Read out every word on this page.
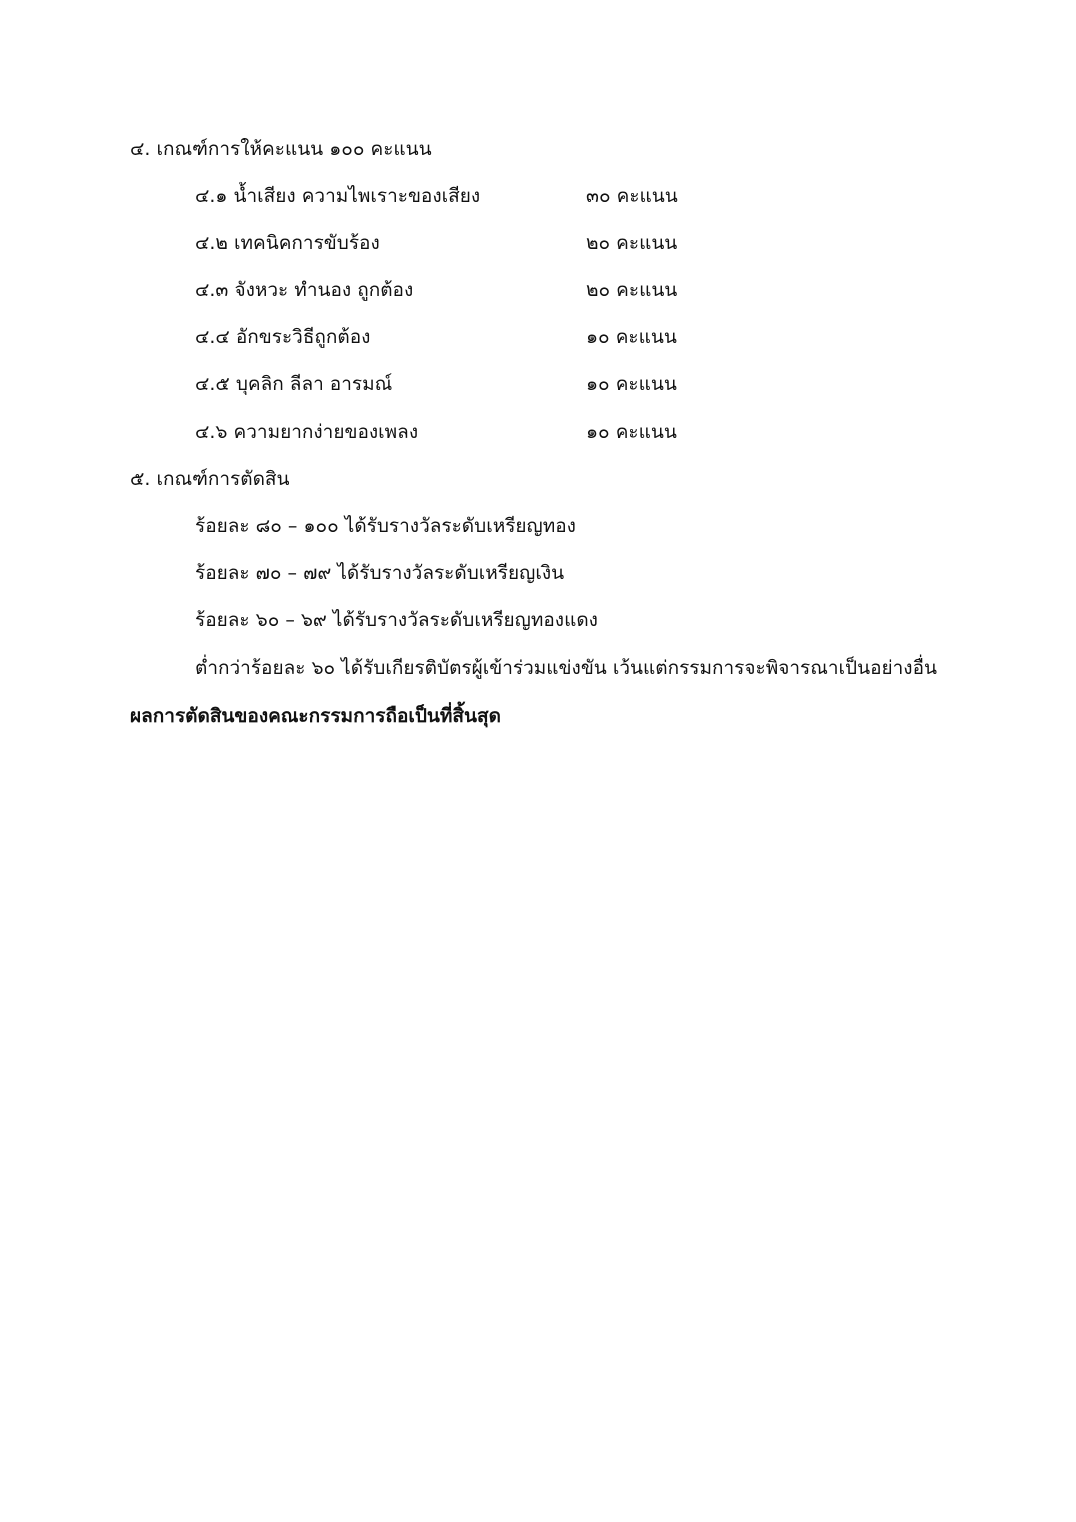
๔. เกณฑ์การให้คะแนน ๑๐๐ คะแนน
๔.๑ น้ำเสียง ความไพเราะของเสียง	๓๐ คะแนน
๔.๒ เทคนิคการขับร้อง	๒๐ คะแนน
๔.๓ จังหวะ ทำนอง ถูกต้อง	๒๐ คะแนน
๔.๔ อักขระวิธีถูกต้อง	๑๐ คะแนน
๔.๕ บุคลิก ลีลา อารมณ์	๑๐ คะแนน
๔.๖ ความยากง่ายของเพลง	๑๐ คะแนน
๕. เกณฑ์การตัดสิน
ร้อยละ ๘๐ – ๑๐๐ ได้รับรางวัลระดับเหรียญทอง
ร้อยละ ๗๐ – ๗๙ ได้รับรางวัลระดับเหรียญเงิน
ร้อยละ ๖๐ – ๖๙ ได้รับรางวัลระดับเหรียญทองแดง
ต่ำกว่าร้อยละ ๖๐ ได้รับเกียรติบัตรผู้เข้าร่วมแข่งขัน เว้นแต่กรรมการจะพิจารณาเป็นอย่างอื่น
ผลการตัดสินของคณะกรรมการถือเป็นที่สิ้นสุด
